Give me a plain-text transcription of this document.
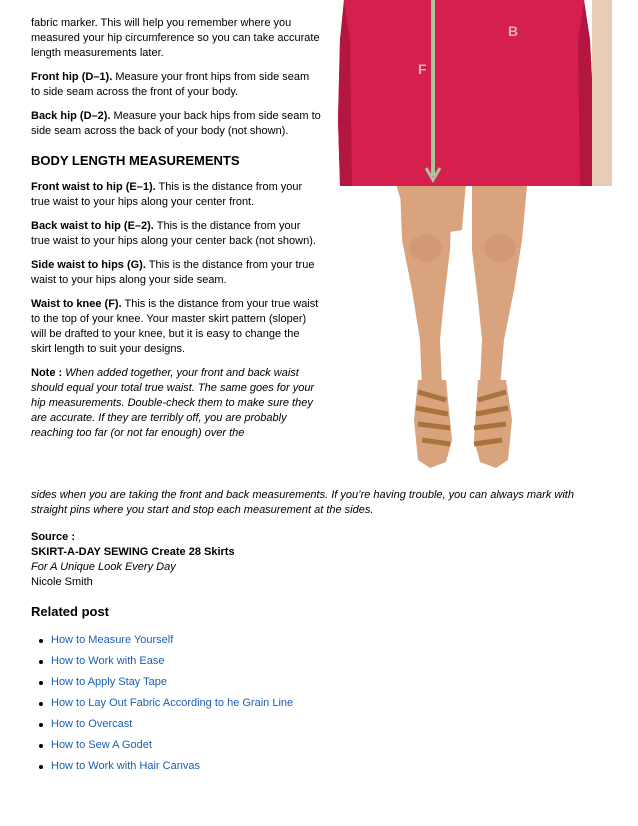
fabric marker. This will help you remember where you measured your hip circumference so you can take accurate length measurements later.

Front hip (D–1). Measure your front hips from side seam to side seam across the front of your body.

Back hip (D–2). Measure your back hips from side seam to side seam across the back of your body (not shown).

BODY LENGTH MEASUREMENTS

Front waist to hip (E–1). This is the distance from your true waist to your hips along your center front.

Back waist to hip (E–2). This is the distance from your true waist to your hips along your center back (not shown).

Side waist to hips (G). This is the distance from your true waist to your hips along your side seam.

Waist to knee (F). This is the distance from your true waist to the top of your knee. Your master skirt pattern (sloper) will be drafted to your knee, but it is easy to change the skirt length to suit your designs.

Note : When added together, your front and back waist should equal your total true waist. The same goes for your hip measurements. Double-check them to make sure they are accurate. If they are terribly off, you are probably reaching too far (or not far enough) over the

sides when you are taking the front and back measurements. If you’re having trouble, you can always mark with straight pins where you start and stop each measurement at the sides.
Source :
SKIRT-A-DAY SEWING Create 28 Skirts
For A Unique Look Every Day
Nicole Smith
Related post
How to Measure Yourself
How to Work with Ease
How to Apply Stay Tape
How to Lay Out Fabric According to he Grain Line
How to Overcast
How to Sew A Godet
How to Work with Hair Canvas
F
B
